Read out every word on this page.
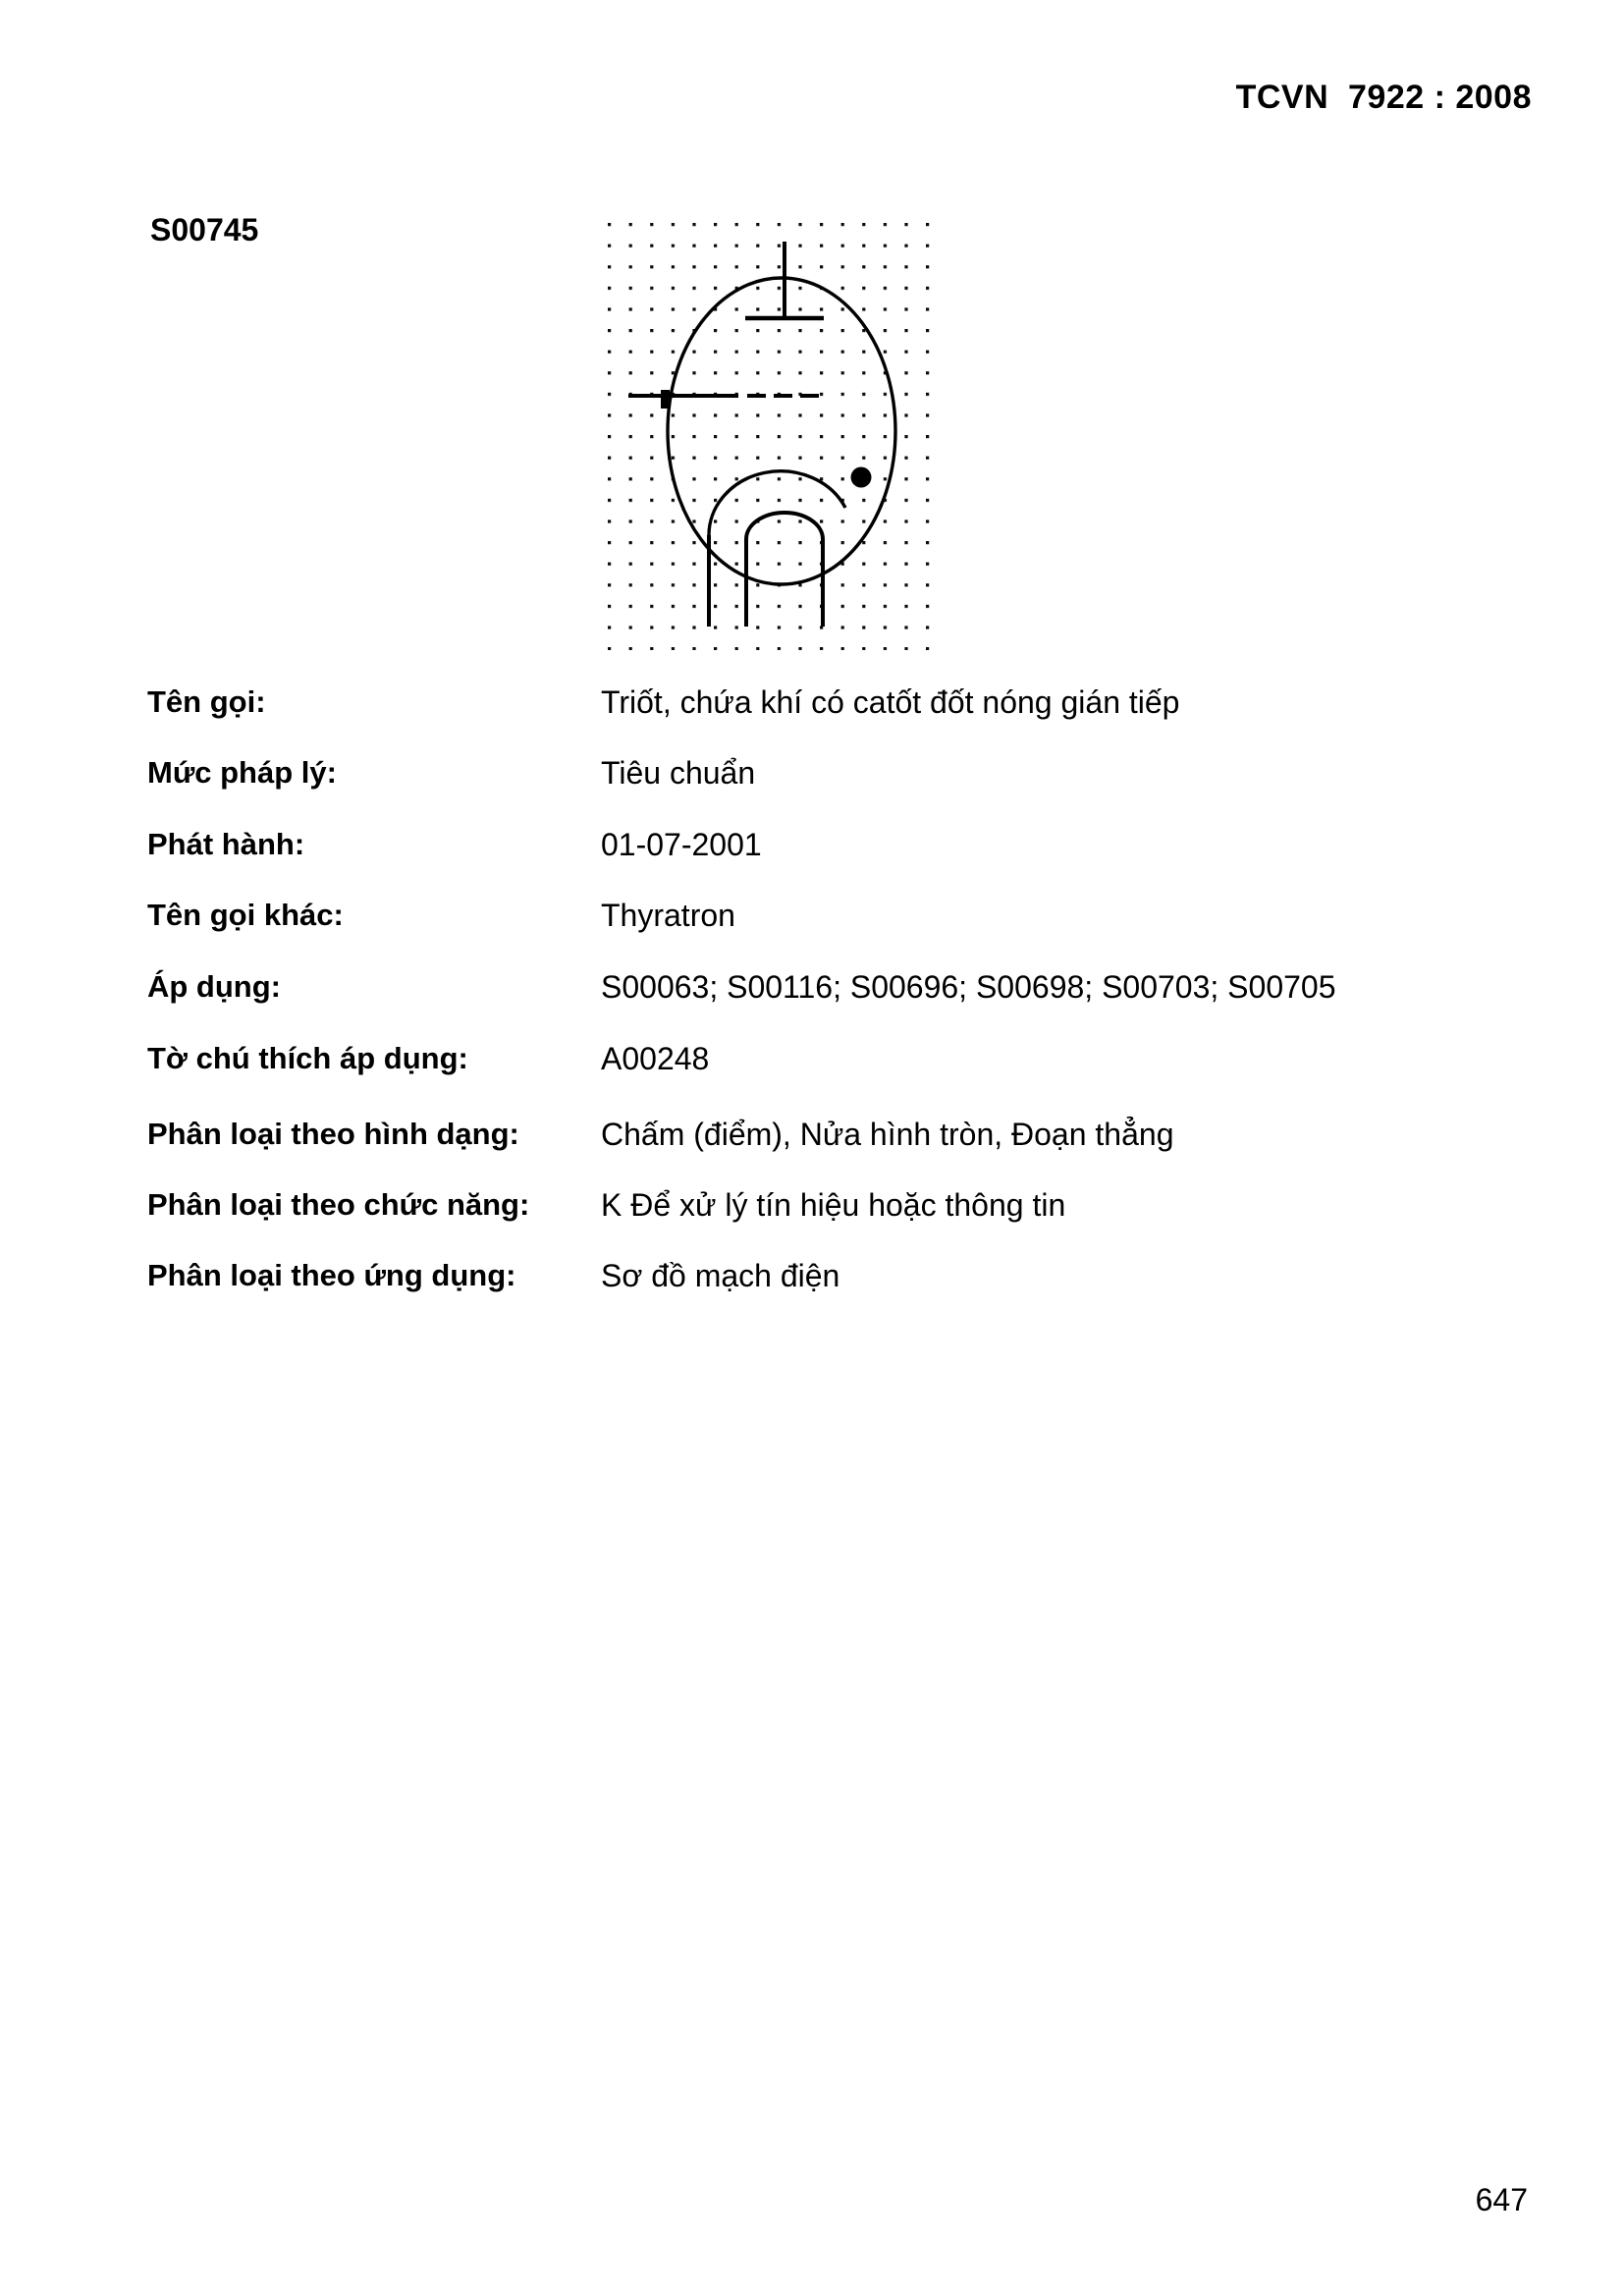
TCVN  7922 : 2008
S00745
Tên gọi:	Triốt, chứa khí có catốt đốt nóng gián tiếp
Mức pháp lý:	Tiêu chuẩn
Phát hành:	01-07-2001
Tên gọi khác:	Thyratron
Áp dụng:	S00063; S00116; S00696; S00698; S00703; S00705
Tờ chú thích áp dụng:	A00248
Phân loại theo hình dạng:	Chấm (điểm), Nửa hình tròn, Đoạn thẳng
Phân loại theo chức năng: K Để xử lý tín hiệu hoặc thông tin
Phân loại theo ứng dụng:	Sơ đồ mạch điện
647
